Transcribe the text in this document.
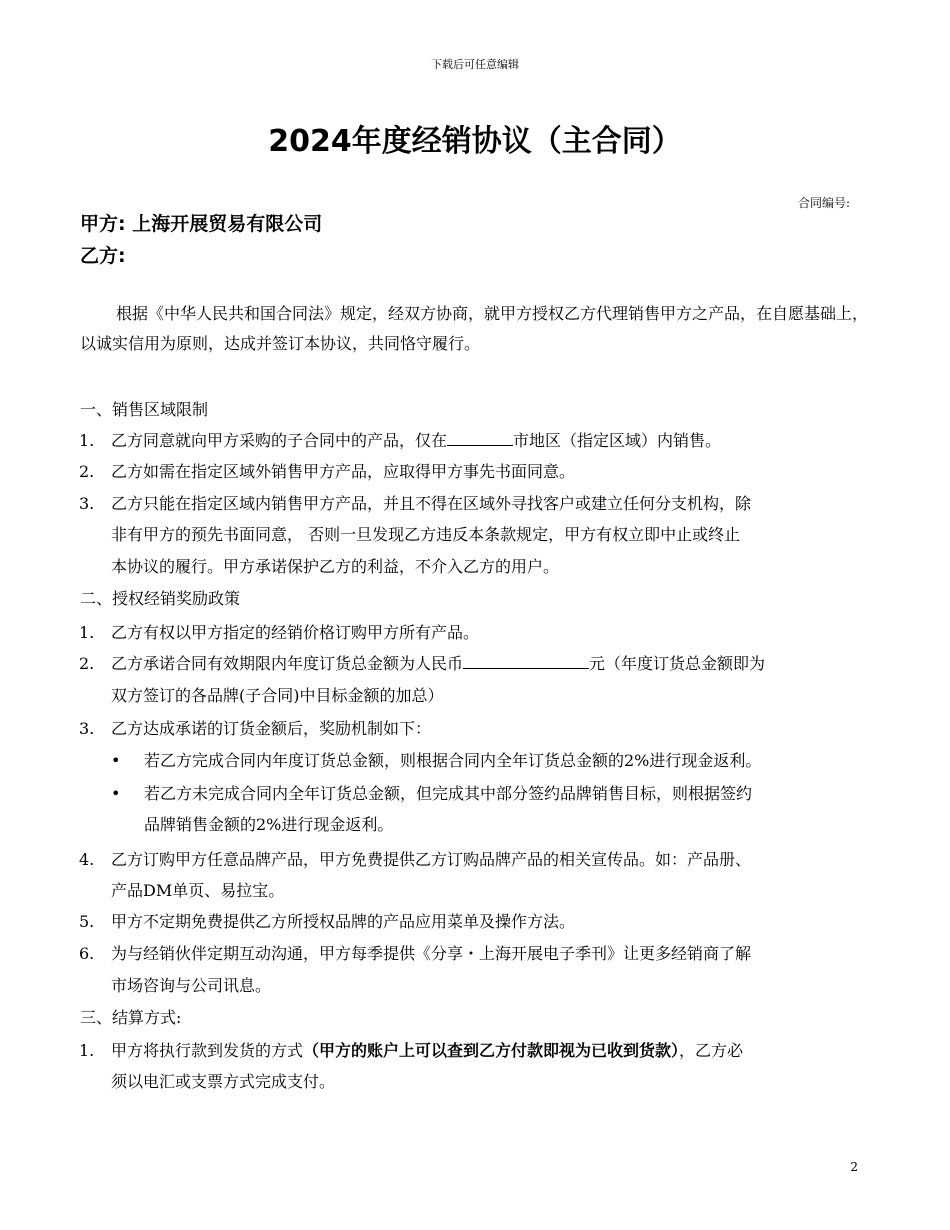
下载后可任意编辑
2024年度经销协议（主合同）
合同编号:
甲方: 上海开展贸易有限公司
乙方:
根据《中华人民共和国合同法》规定，经双方协商，就甲方授权乙方代理销售甲方之产品，在自愿基础上，以诚实信用为原则，达成并签订本协议，共同恪守履行。
一、销售区域限制
1. 乙方同意就向甲方采购的子合同中的产品，仅在	市地区（指定区域）内销售。
2. 乙方如需在指定区域外销售甲方产品，应取得甲方事先书面同意。
3. 乙方只能在指定区域内销售甲方产品，并且不得在区域外寻找客户或建立任何分支机构，除
非有甲方的预先书面同意， 否则一旦发现乙方违反本条款规定，甲方有权立即中止或终止
本协议的履行。甲方承诺保护乙方的利益，不介入乙方的用户。
二、授权经销奖励政策
1. 乙方有权以甲方指定的经销价格订购甲方所有产品。
2. 乙方承诺合同有效期限内年度订货总金额为人民币	元（年度订货总金额即为
双方签订的各品牌(子合同)中目标金额的加总）
3. 乙方达成承诺的订货金额后，奖励机制如下：
• 若乙方完成合同内年度订货总金额，则根据合同内全年订货总金额的2%进行现金返利。
• 若乙方未完成合同内全年订货总金额，但完成其中部分签约品牌销售目标，则根据签约
品牌销售金额的2%进行现金返利。
4. 乙方订购甲方任意品牌产品，甲方免费提供乙方订购品牌产品的相关宣传品。如：产品册、
产品DM单页、易拉宝。
5. 甲方不定期免费提供乙方所授权品牌的产品应用菜单及操作方法。
6. 为与经销伙伴定期互动沟通，甲方每季提供《分享・上海开展电子季刊》让更多经销商了解
市场咨询与公司讯息。
三、结算方式:
1. 甲方将执行款到发货的方式（甲方的账户上可以查到乙方付款即视为已收到货款），乙方必
须以电汇或支票方式完成支付。
2
